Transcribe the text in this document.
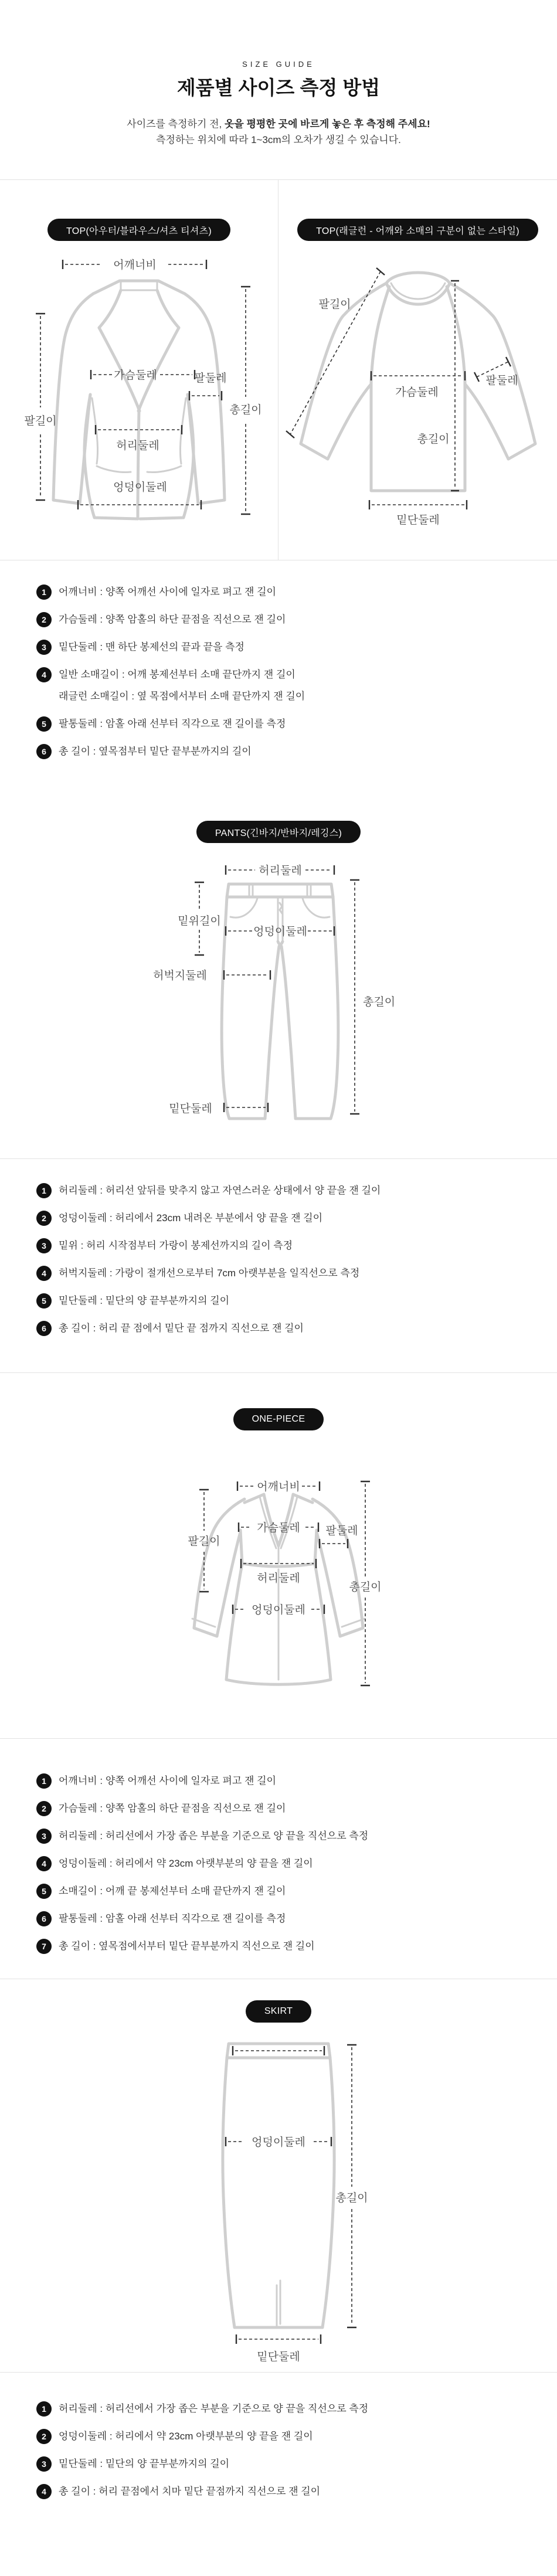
SIZE GUIDE
제품별 사이즈 측정 방법
사이즈를 측정하기 전, 옷을 평평한 곳에 바르게 놓은 후 측정해 주세요!
측정하는 위치에 따라 1~3cm의 오차가 생길 수 있습니다.
TOP(아우터/블라우스/셔츠 티셔츠)
어깨너비
팔길이
총길이
가슴둘레	팔둘레
허리둘레
엉덩이둘레
TOP(래글런 - 어깨와 소매의 구분이 없는 스타일)
팔길이
가슴둘레
총길이
팔둘레
밑단둘레
1	어깨너비 : 양쪽 어깨선 사이에 일자로 펴고 잰 길이
2	가슴둘레 : 양쪽 암홀의 하단 끝점을 직선으로 잰 길이
3	밑단둘레 : 맨 하단 봉제선의 끝과 끝을 측정
4	일반 소매길이 : 어깨 봉제선부터 소매 끝단까지 잰 길이
래글런 소매길이 : 옆 목점에서부터 소매 끝단까지 잰 길이
5	팔통둘레 : 암홀 아래 선부터 직각으로 잰 길이를 측정
6	총 길이 : 옆목점부터 밑단 끝부분까지의 길이
PANTS(긴바지/반바지/레깅스)
허리둘레
밑위길이
엉덩이둘레
허벅지둘레
총길이
밑단둘레
1	허리둘레 : 허리선 앞뒤를 맞추지 않고 자연스러운 상태에서 양 끝을 잰 길이
2	엉덩이둘레 : 허리에서 23cm 내려온 부분에서 양 끝을 잰 길이
3	밑위 : 허리 시작점부터 가랑이 봉제선까지의 길이 측정
4	허벅지둘레 : 가랑이 절개선으로부터 7cm 아랫부분을 일직선으로 측정
5	밑단둘레 : 밑단의 양 끝부분까지의 길이
6	총 길이 : 허리 끝 점에서 밑단 끝 점까지 직선으로 잰 길이
ONE-PIECE
어깨너비
팔길이
가슴둘레 팔둘레
허리둘레
총길이
엉덩이둘레
1	어깨너비 : 양쪽 어깨선 사이에 일자로 펴고 잰 길이
2	가슴둘레 : 양쪽 암홀의 하단 끝점을 직선으로 잰 길이
3	허리둘레 : 허리선에서 가장 좁은 부분을 기준으로 양 끝을 직선으로 측정
4	엉덩이둘레 : 허리에서 약 23cm 아랫부분의 양 끝을 잰 길이
5	소매길이 : 어깨 끝 봉제선부터 소매 끝단까지 잰 길이
6	팔통둘레 : 암홀 아래 선부터 직각으로 잰 길이를 측정
7	총 길이 : 옆목점에서부터 밑단 끝부분까지 직선으로 잰 길이
SKIRT
엉덩이둘레
총길이
밑단둘레
1	허리둘레 : 허리선에서 가장 좁은 부분을 기준으로 양 끝을 직선으로 측정
2	엉덩이둘레 : 허리에서 약 23cm 아랫부분의 양 끝을 잰 길이
3	밑단둘레 : 밑단의 양 끝부분까지의 길이
4	총 길이 : 허리 끝점에서 치마 밑단 끝점까지 직선으로 잰 길이
